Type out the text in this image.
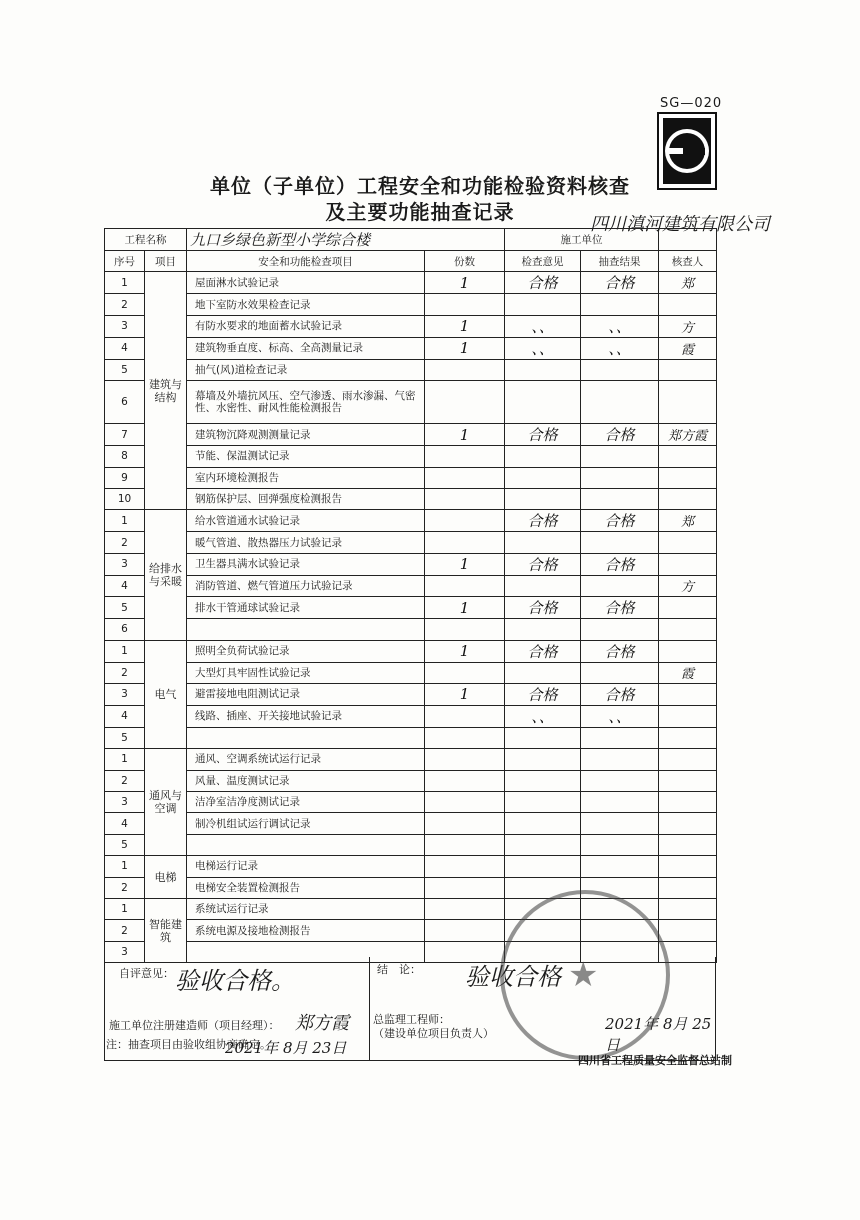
SG—020
单位（子单位）工程安全和功能检验资料核查
及主要功能抽查记录
四川滇河建筑有限公司
工程名称		九口乡绿色新型小学综合楼		施工单位		
序号	项目	安全和功能检查项目	份数	检查意见	抽查结果	核查人
1	建筑与结构	屋面淋水试验记录	1	合格	合格	郑
2		地下室防水效果检查记录				
3		有防水要求的地面蓄水试验记录	1	、、	、、	方
4		建筑物垂直度、标高、全高测量记录	1	、、	、、	霞
5		抽气(风)道检查记录				
6		幕墙及外墙抗风压、空气渗透、雨水渗漏、气密性、水密性、耐风性能检测报告				
7		建筑物沉降观测测量记录	1	合格	合格	郑方霞
8		节能、保温测试记录				
9		室内环境检测报告				
10		钢筋保护层、回弹强度检测报告				
1	给排水与采暖	给水管道通水试验记录		合格	合格	郑
2		暖气管道、散热器压力试验记录				
3		卫生器具满水试验记录	1	合格	合格	
4		消防管道、燃气管道压力试验记录				方
5		排水干管通球试验记录	1	合格	合格	
6						
1	电气	照明全负荷试验记录	1	合格	合格	
2		大型灯具牢固性试验记录				霞
3		避雷接地电阻测试记录	1	合格	合格	
4		线路、插座、开关接地试验记录		、、	、、	
5						
1	通风与空调	通风、空调系统试运行记录				
2		风量、温度测试记录				
3		洁净室洁净度测试记录				
4		制冷机组试运行调试记录				
5						
1	电梯	电梯运行记录				
2		电梯安全装置检测报告				
1	智能建筑	系统试运行记录				
2		系统电源及接地检测报告				
3						
自评意见： 验收合格。	结　论： 验收合格
施工单位注册建造师（项目经理）： 郑方霞
2021年 8月 23日
总监理工程师：
（建设单位项目负责人）
2021年 8月 25日
★
注：抽查项目由验收组协商确定。
四川省工程质量安全监督总站制
